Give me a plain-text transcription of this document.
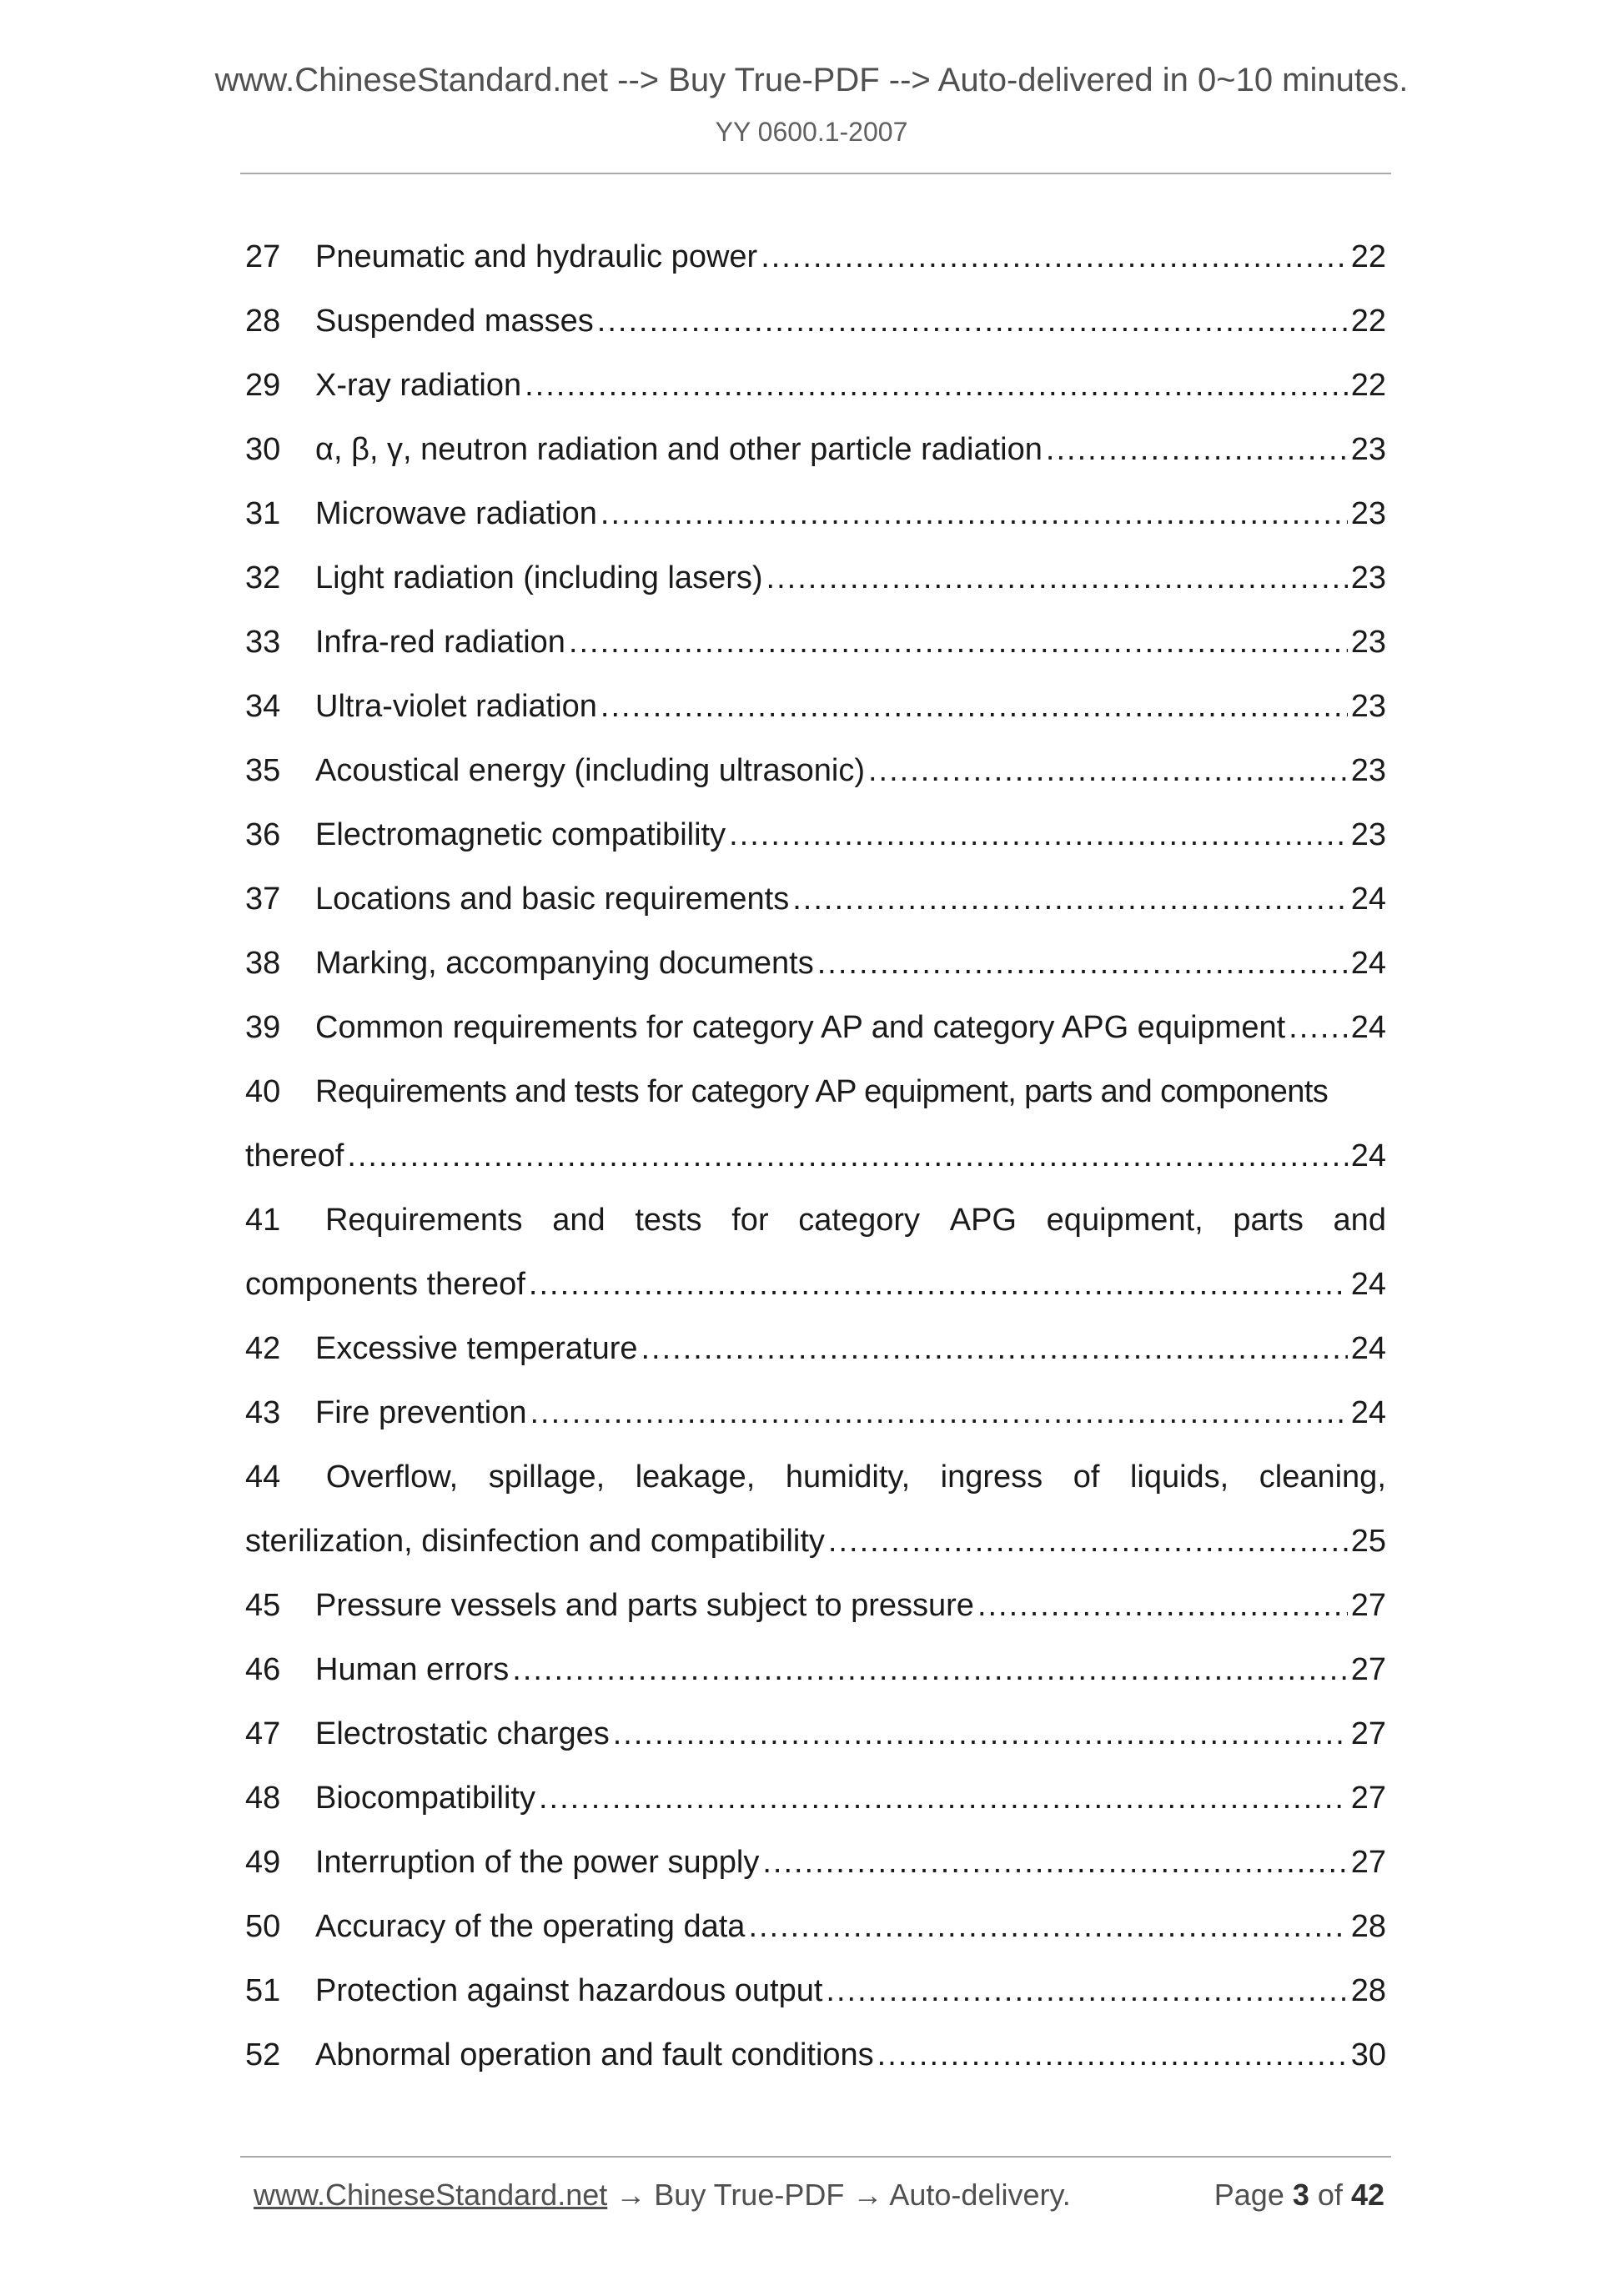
www.ChineseStandard.net --> Buy True-PDF --> Auto-delivered in 0~10 minutes.
YY 0600.1-2007
27	Pneumatic and hydraulic power .....	22
28	Suspended masses .....	22
29	X-ray radiation .....	22
30	α, β, γ, neutron radiation and other particle radiation .....	23
31	Microwave radiation .....	23
32	Light radiation (including lasers) .....	23
33	Infra-red radiation .....	23
34	Ultra-violet radiation .....	23
35	Acoustical energy (including ultrasonic) .....	23
36	Electromagnetic compatibility .....	23
37	Locations and basic requirements .....	24
38	Marking, accompanying documents .....	24
39	Common requirements for category AP and category APG equipment ..... 24
40	Requirements and tests for category AP equipment, parts and components
thereof .....	24
41 Requirements and tests for category APG equipment, parts and
components thereof .....	24
42	Excessive temperature .....	24
43	Fire prevention .....	24
44 Overflow, spillage, leakage, humidity, ingress of liquids, cleaning,
sterilization, disinfection and compatibility .....	25
45	Pressure vessels and parts subject to pressure .....	27
46	Human errors .....	27
47	Electrostatic charges .....	27
48	Biocompatibility .....	27
49	Interruption of the power supply .....	27
50	Accuracy of the operating data .....	28
51	Protection against hazardous output .....	28
52	Abnormal operation and fault conditions .....	30
www.ChineseStandard.net → Buy True-PDF → Auto-delivery.	Page 3 of 42
